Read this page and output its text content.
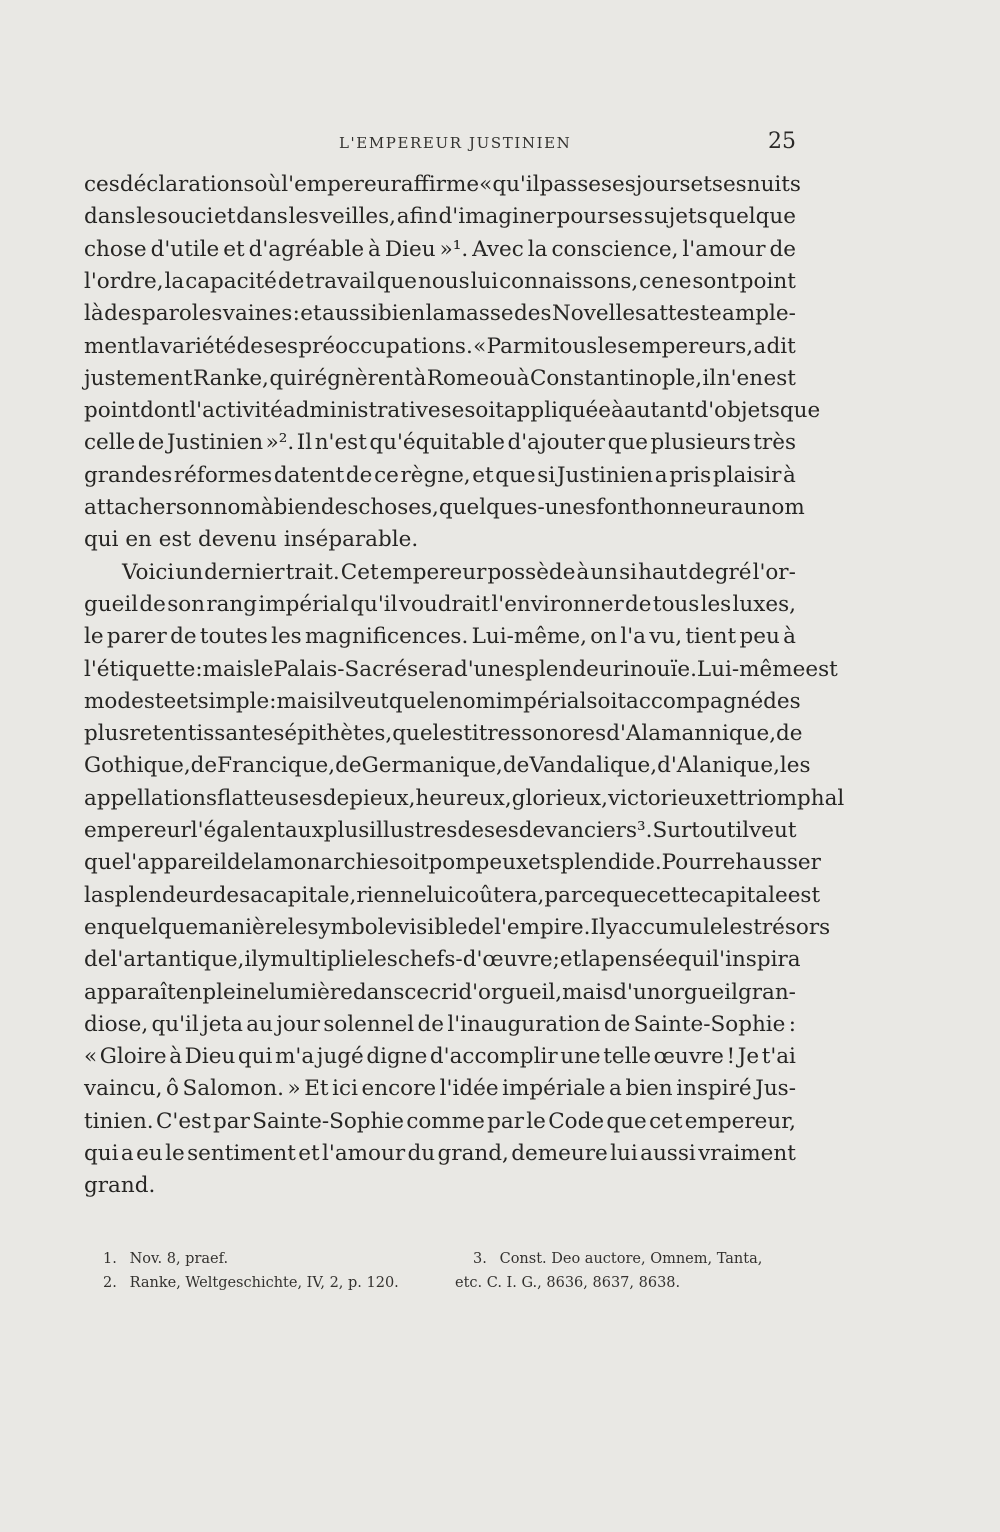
L'EMPEREUR JUSTINIEN	25
ces déclarations où l'empereur affirme « qu'il passe ses jours et ses nuits
dans le souci et dans les veilles, afin d'imaginer pour ses sujets quelque
chose d'utile et d'agréable à Dieu »¹. Avec la conscience, l'amour de
l'ordre, la capacité de travail que nous lui connaissons, ce ne sont point
là des paroles vaines : et aussi bien la masse des Novelles atteste ample-
ment la variété de ses préoccupations. « Parmi tous les empereurs, a dit
justement Ranke, qui régnèrent à Rome ou à Constantinople, il n'en est
point dont l'activité administrative se soit appliquée à autant d'objets que
celle de Justinien »². Il n'est qu'équitable d'ajouter que plusieurs très
grandes réformes datent de ce règne, et que si Justinien a pris plaisir à
attacher son nom à bien des choses, quelques-unes font honneur au nom
qui en est devenu inséparable.
Voici un dernier trait. Cet empereur possède à un si haut degré l'or-
gueil de son rang impérial qu'il voudrait l'environner de tous les luxes,
le parer de toutes les magnificences. Lui-même, on l'a vu, tient peu à
l'étiquette : mais le Palais-Sacré sera d'une splendeur inouïe. Lui-même est
modeste et simple : mais il veut que le nom impérial soit accompagné des
plus retentissantes épithètes, que les titres sonores d'Alamannique, de
Gothique, de Francique, de Germanique, de Vandalique, d'Alanique, les
appellations flatteuses de pieux, heureux, glorieux, victorieux et triomphal
empereur l'égalent aux plus illustres de ses devanciers³. Surtout il veut
que l'appareil de la monarchie soit pompeux et splendide. Pour rehausser
la splendeur de sa capitale, rien ne lui coûtera, parce que cette capitale est
en quelque manière le symbole visible de l'empire. Il y accumule les trésors
de l'art antique, il y multiplie les chefs-d'œuvre ; et la pensée qui l'inspira
apparaît en pleine lumière dans ce cri d'orgueil, mais d'un orgueil gran-
diose, qu'il jeta au jour solennel de l'inauguration de Sainte-Sophie :
« Gloire à Dieu qui m'a jugé digne d'accomplir une telle œuvre ! Je t'ai
vaincu, ô Salomon. » Et ici encore l'idée impériale a bien inspiré Jus-
tinien. C'est par Sainte-Sophie comme par le Code que cet empereur,
qui a eu le sentiment et l'amour du grand, demeure lui aussi vraiment
grand.
1. Nov. 8, praef.
2. Ranke, Weltgeschichte, IV, 2, p. 120.
3. Const. Deo auctore, Omnem, Tanta,
etc. C. I. G., 8636, 8637, 8638.
